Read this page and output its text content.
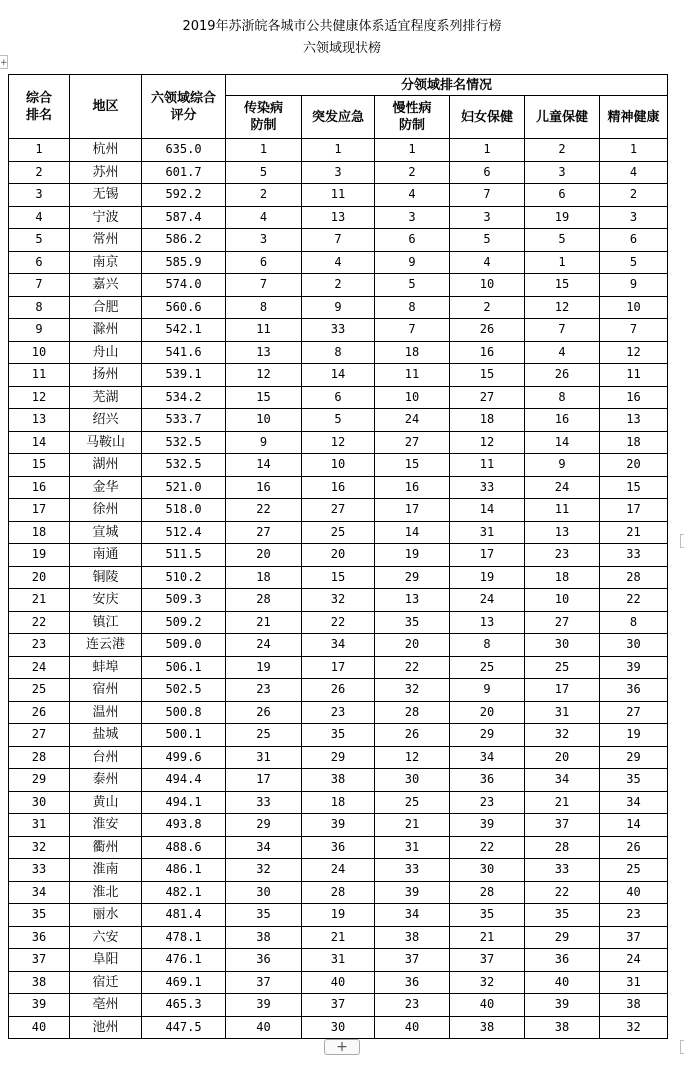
2019年苏浙皖各城市公共健康体系适宜程度系列排行榜
六领域现状榜
+
综合排名	地区	六领域综合评分	分领域排名情况					
			传染病防制	突发应急	慢性病防制	妇女保健	儿童保健	精神健康
1	杭州	635.0	1	1	1	1	2	1
2	苏州	601.7	5	3	2	6	3	4
3	无锡	592.2	2	11	4	7	6	2
4	宁波	587.4	4	13	3	3	19	3
5	常州	586.2	3	7	6	5	5	6
6	南京	585.9	6	4	9	4	1	5
7	嘉兴	574.0	7	2	5	10	15	9
8	合肥	560.6	8	9	8	2	12	10
9	滁州	542.1	11	33	7	26	7	7
10	舟山	541.6	13	8	18	16	4	12
11	扬州	539.1	12	14	11	15	26	11
12	芜湖	534.2	15	6	10	27	8	16
13	绍兴	533.7	10	5	24	18	16	13
14	马鞍山	532.5	9	12	27	12	14	18
15	湖州	532.5	14	10	15	11	9	20
16	金华	521.0	16	16	16	33	24	15
17	徐州	518.0	22	27	17	14	11	17
18	宣城	512.4	27	25	14	31	13	21
19	南通	511.5	20	20	19	17	23	33
20	铜陵	510.2	18	15	29	19	18	28
21	安庆	509.3	28	32	13	24	10	22
22	镇江	509.2	21	22	35	13	27	8
23	连云港	509.0	24	34	20	8	30	30
24	蚌埠	506.1	19	17	22	25	25	39
25	宿州	502.5	23	26	32	9	17	36
26	温州	500.8	26	23	28	20	31	27
27	盐城	500.1	25	35	26	29	32	19
28	台州	499.6	31	29	12	34	20	29
29	泰州	494.4	17	38	30	36	34	35
30	黄山	494.1	33	18	25	23	21	34
31	淮安	493.8	29	39	21	39	37	14
32	衢州	488.6	34	36	31	22	28	26
33	淮南	486.1	32	24	33	30	33	25
34	淮北	482.1	30	28	39	28	22	40
35	丽水	481.4	35	19	34	35	35	23
36	六安	478.1	38	21	38	21	29	37
37	阜阳	476.1	36	31	37	37	36	24
38	宿迁	469.1	37	40	36	32	40	31
39	亳州	465.3	39	37	23	40	39	38
40	池州	447.5	40	30	40	38	38	32
+
